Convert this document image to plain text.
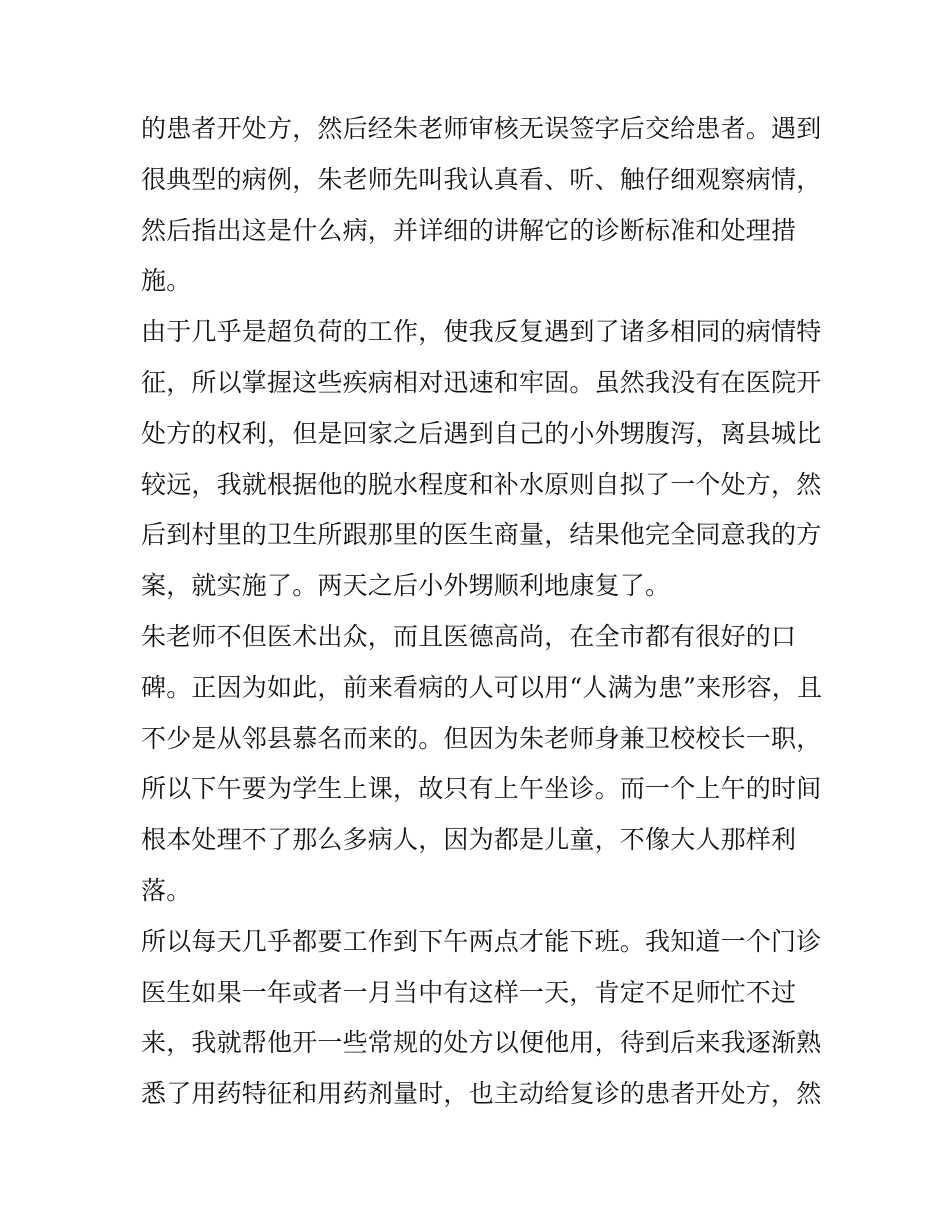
的患者开处方，然后经朱老师审核无误签字后交给患者。遇到
很典型的病例，朱老师先叫我认真看、听、触仔细观察病情，
然后指出这是什么病，并详细的讲解它的诊断标准和处理措
施。
由于几乎是超负荷的工作，使我反复遇到了诸多相同的病情特
征，所以掌握这些疾病相对迅速和牢固。虽然我没有在医院开
处方的权利，但是回家之后遇到自己的小外甥腹泻，离县城比
较远，我就根据他的脱水程度和补水原则自拟了一个处方，然
后到村里的卫生所跟那里的医生商量，结果他完全同意我的方
案，就实施了。两天之后小外甥顺利地康复了。
朱老师不但医术出众，而且医德高尚，在全市都有很好的口
碑。正因为如此，前来看病的人可以用“人满为患”来形容，且
不少是从邻县慕名而来的。但因为朱老师身兼卫校校长一职，
所以下午要为学生上课，故只有上午坐诊。而一个上午的时间
根本处理不了那么多病人，因为都是儿童，不像大人那样利
落。
所以每天几乎都要工作到下午两点才能下班。我知道一个门诊
医生如果一年或者一月当中有这样一天，肯定不足师忙不过
来，我就帮他开一些常规的处方以便他用，待到后来我逐渐熟
悉了用药特征和用药剂量时，也主动给复诊的患者开处方，然
